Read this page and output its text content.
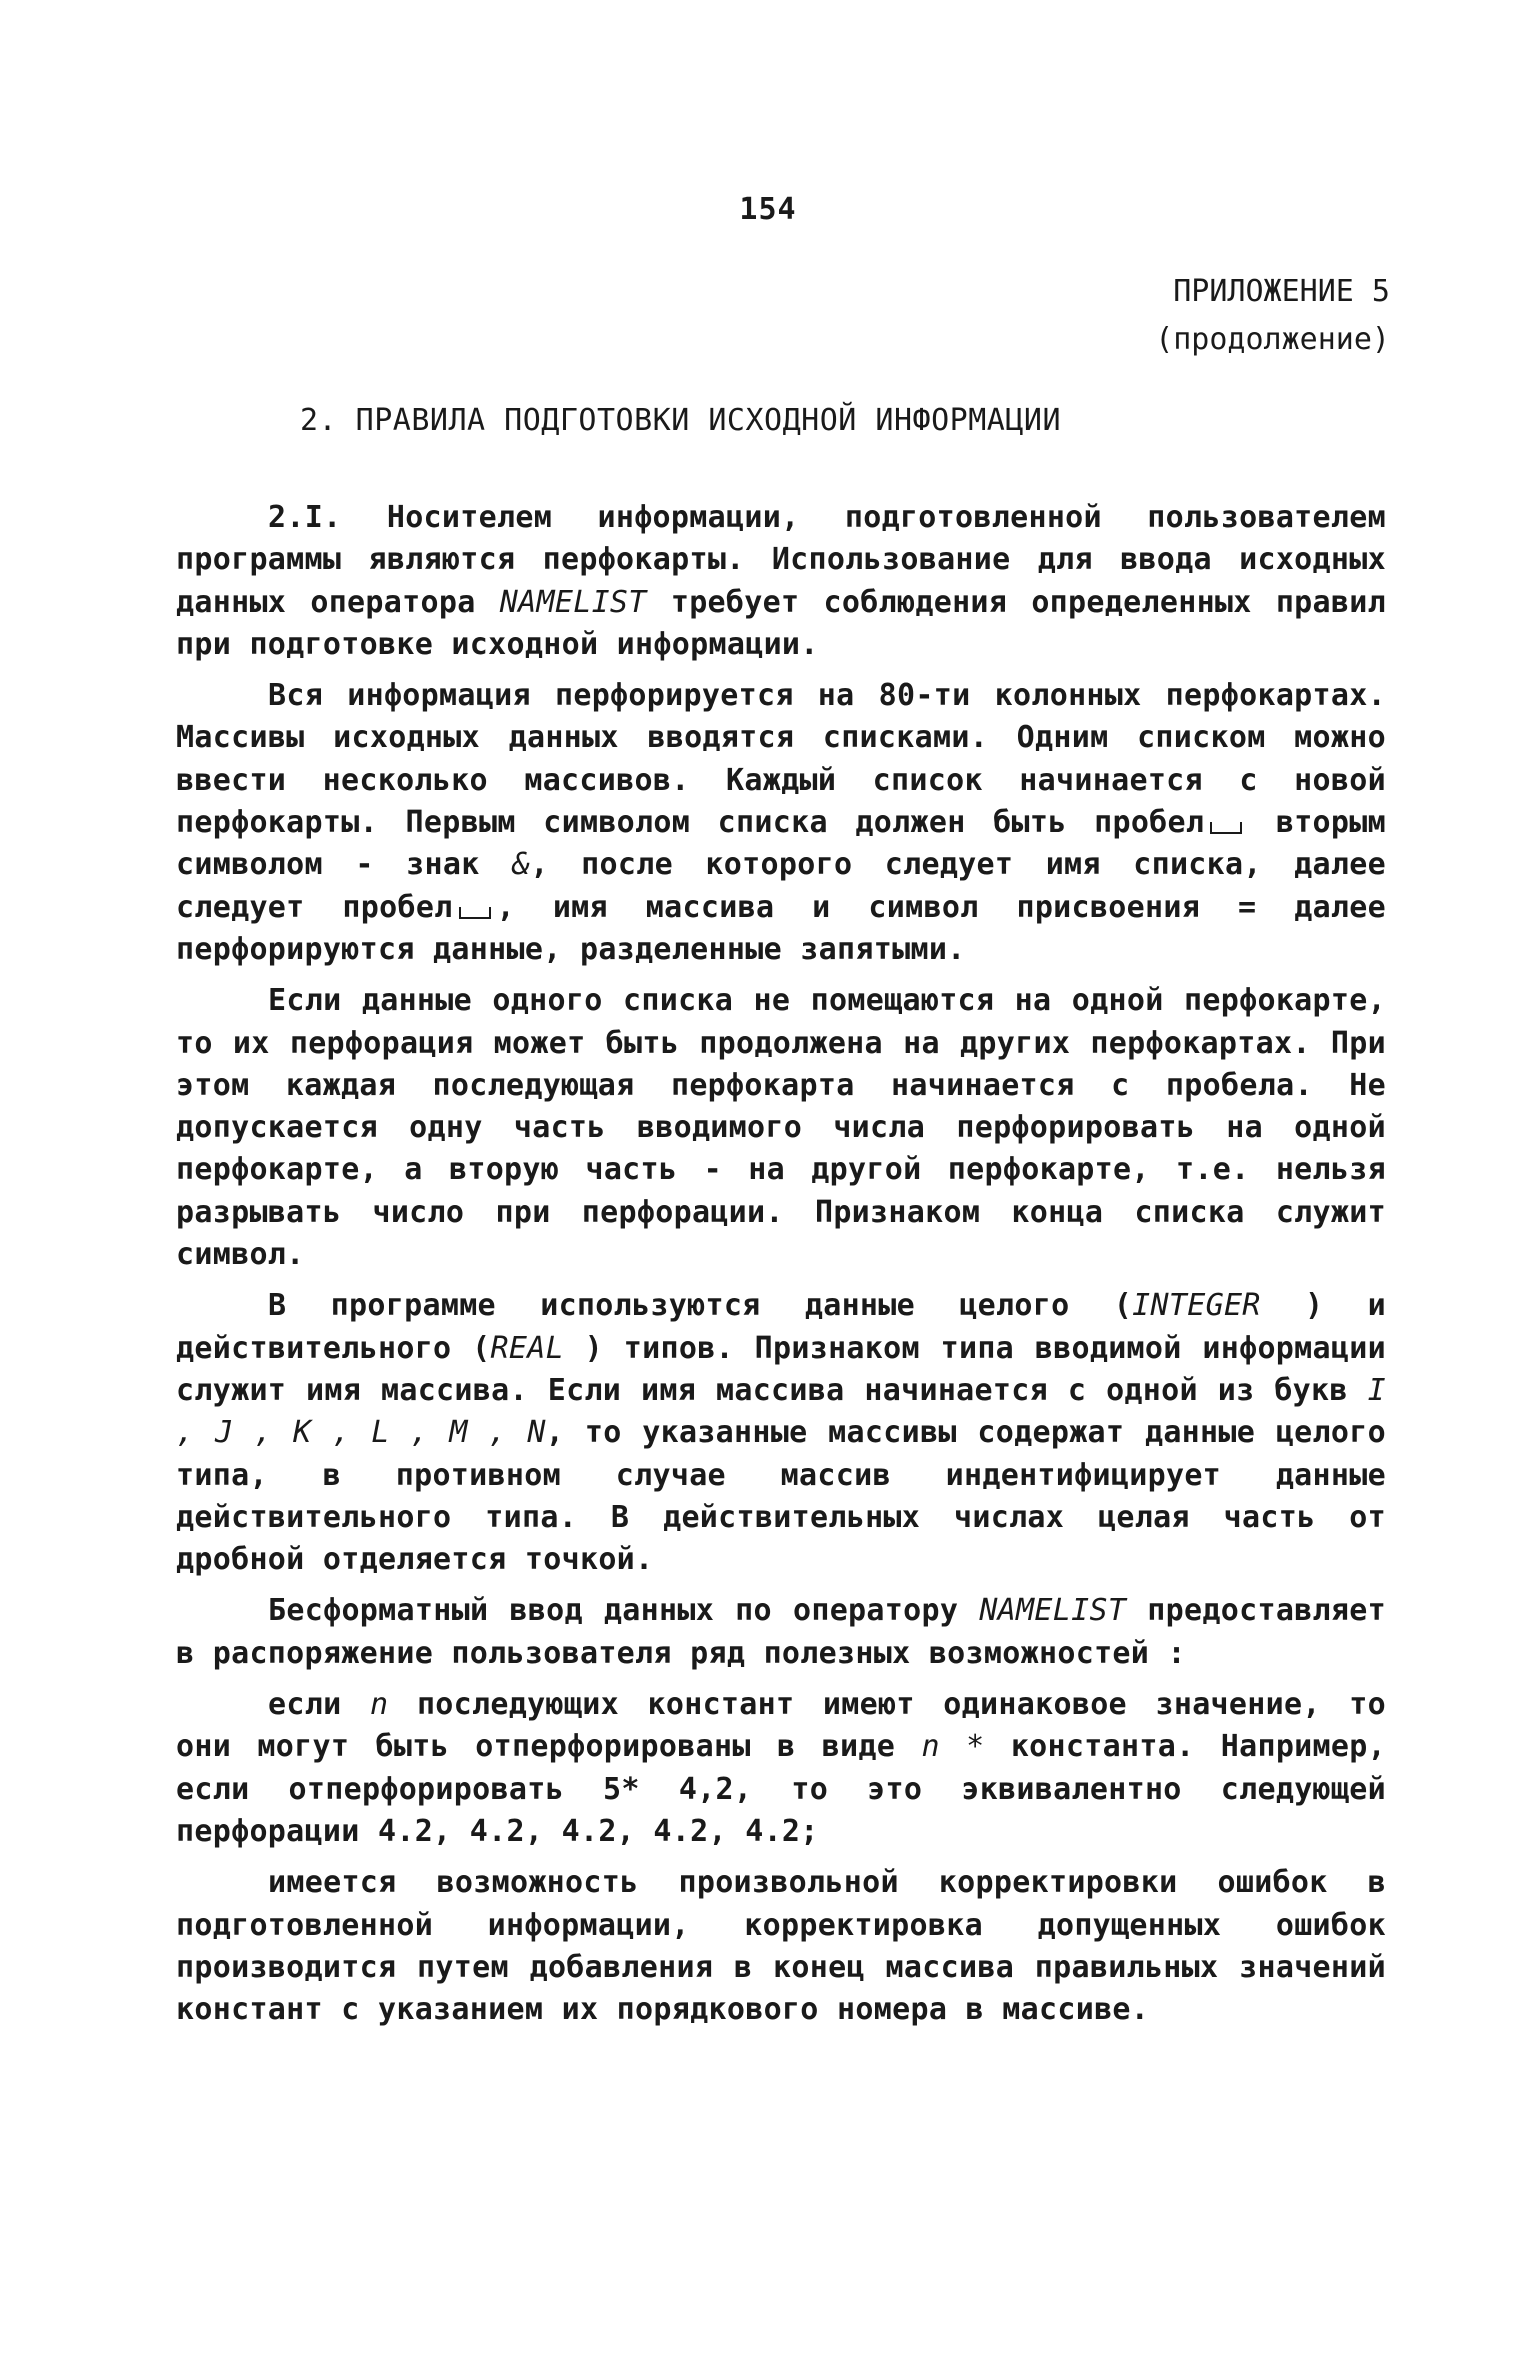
154
ПРИЛОЖЕНИЕ 5
(продолжение)
2. ПРАВИЛА ПОДГОТОВКИ ИСХОДНОЙ ИНФОРМАЦИИ

2.I. Носителем информации, подготовленной пользователем программы являются перфокарты. Использование для ввода исходных данных оператора NAMELIST требует соблюдения определенных правил при подготовке исходной информации.

Вся информация перфорируется на 80-ти колонных перфокартах. Массивы исходных данных вводятся списками. Одним списком можно ввести несколько массивов. Каждый список начинается с новой перфокарты. Первым символом списка должен быть пробел вторым символом - знак &, после которого следует имя списка, далее следует пробел , имя массива и символ присвоения = далее перфорируются данные, разделенные запятыми.

Если данные одного списка не помещаются на одной перфокарте, то их перфорация может быть продолжена на других перфокартах. При этом каждая последующая перфокарта начинается с пробела. Не допускается одну часть вводимого числа перфорировать на одной перфокарте, а вторую часть - на другой перфокарте, т.е. нельзя разрывать число при перфорации. Признаком конца списка служит символ.

В программе используются данные целого (INTEGER ) и действительного (REAL ) типов. Признаком типа вводимой информации служит имя массива. Если имя массива начинается с одной из букв I , J , K , L , M , N, то указанные массивы содержат данные целого типа, в противном случае массив индентифицирует данные действительного типа. В действительных числах целая часть от дробной отделяется точкой.

Бесформатный ввод данных по оператору NAMELIST предоставляет в распоряжение пользователя ряд полезных возможностей :

если n последующих констант имеют одинаковое значение, то они могут быть отперфорированы в виде n * константа. Например, если отперфорировать 5* 4,2, то это эквивалентно следующей перфорации 4.2, 4.2, 4.2, 4.2, 4.2;

имеется возможность произвольной корректировки ошибок в подготовленной информации, корректировка допущенных ошибок производится путем добавления в конец массива правильных значений констант с указанием их порядкового номера в массиве.
